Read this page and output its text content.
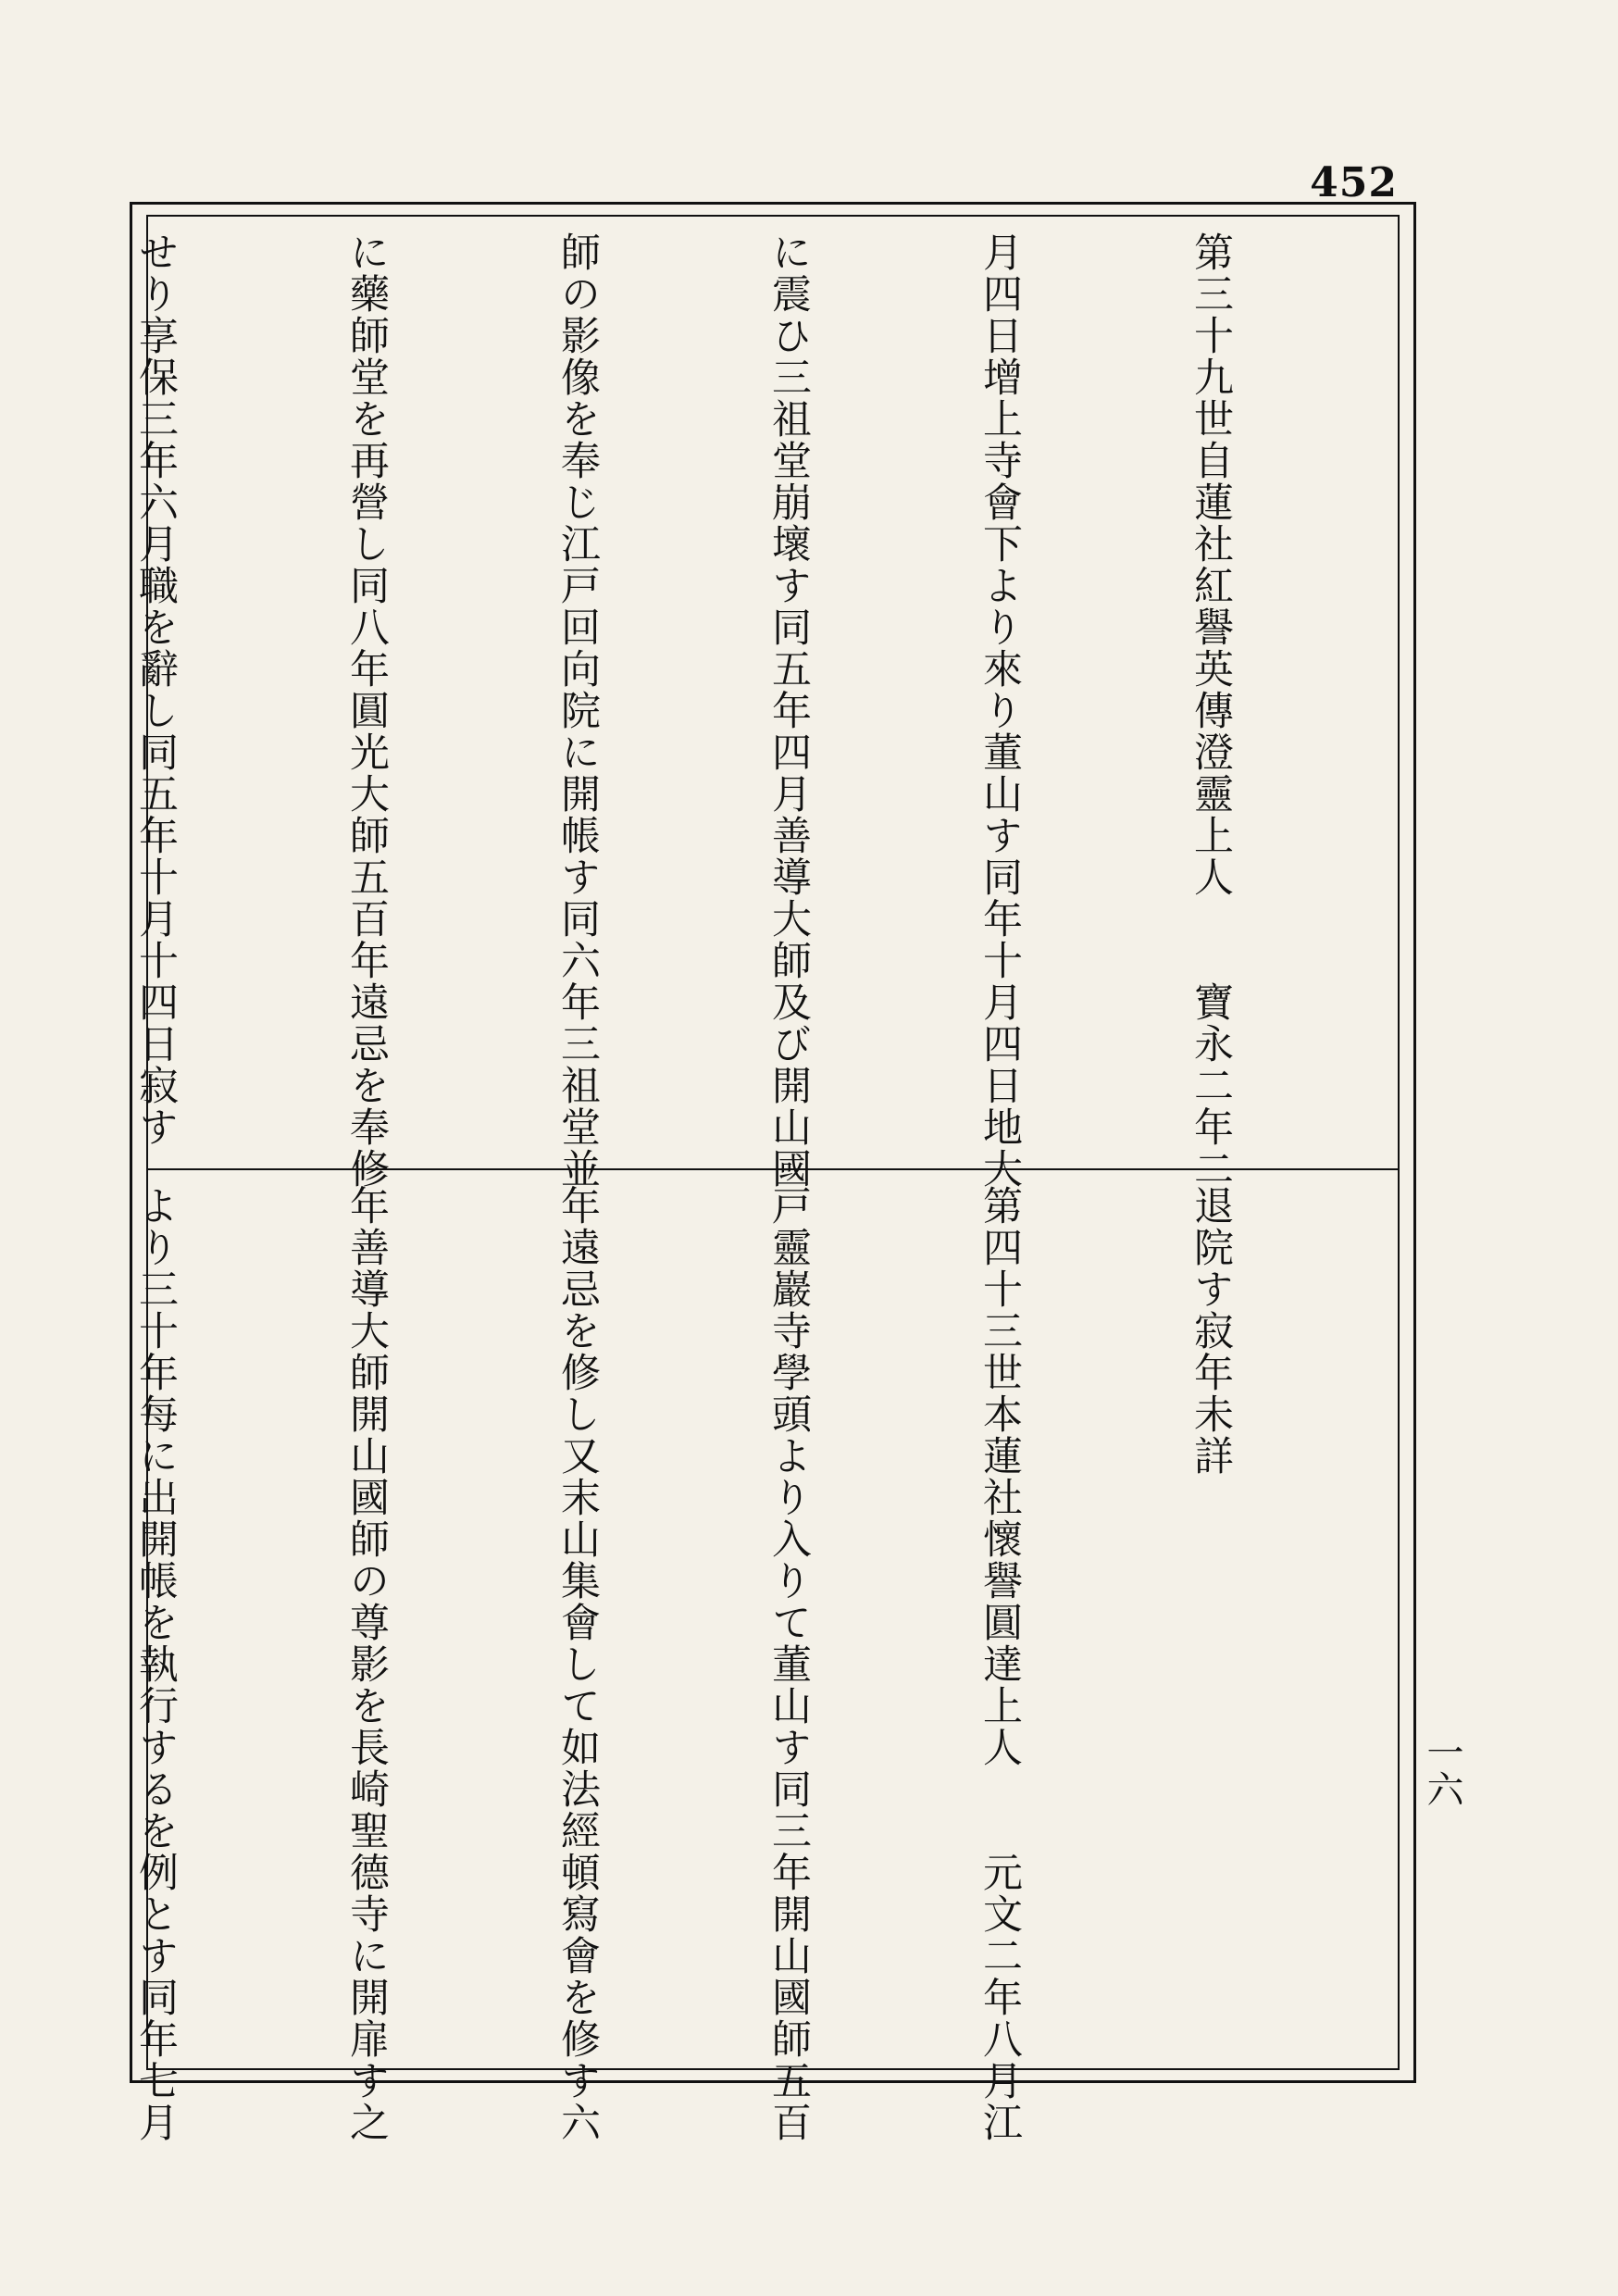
452
一六

第三十九世自蓮社紅譽英傳澄靈上人　　寶永二年二

月四日增上寺會下より來り董山す同年十月四日地大

に震ひ三祖堂崩壞す同五年四月善導大師及び開山國

師の影像を奉じ江戸回向院に開帳す同六年三祖堂並

に藥師堂を再營し同八年圓光大師五百年遠忌を奉修

せり享保三年六月職を辭し同五年十月十四日寂す

退院す寂年未詳

第四十三世本蓮社懷譽圓達上人　　元文二年八月江

戸靈巖寺學頭より入りて董山す同三年開山國師五百

年遠忌を修し又末山集會して如法經頓寫會を修す六

年善導大師開山國師の尊影を長崎聖德寺に開扉す之

より三十年每に出開帳を執行するを例とす同年七月
